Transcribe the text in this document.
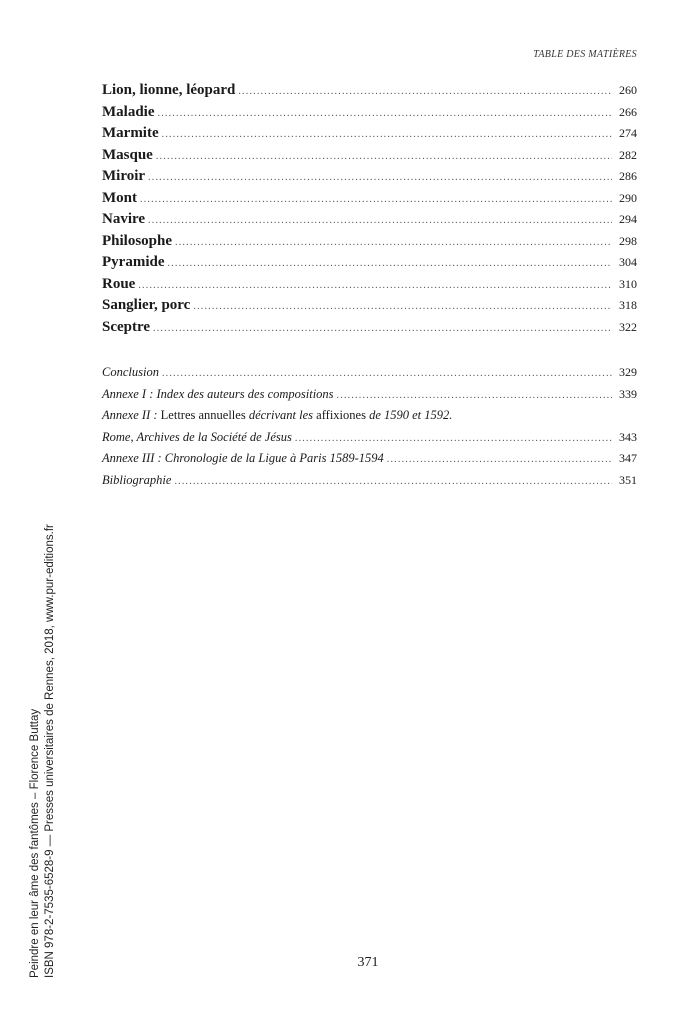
TABLE DES MATIÈRES
Lion, lionne, léopard .....	260
Maladie .....	266
Marmite .....	274
Masque .....	282
Miroir .....	286
Mont .....	290
Navire .....	294
Philosophe .....	298
Pyramide .....	304
Roue .....	310
Sanglier, porc .....	318
Sceptre .....	322
Conclusion .....	329
Annexe I : Index des auteurs des compositions .....	339
Annexe II : Lettres annuelles décrivant les affixiones de 1590 et 1592.
Rome, Archives de la Société de Jésus .....	343
Annexe III : Chronologie de la Ligue à Paris 1589-1594 .....	347
Bibliographie .....	351
Peindre en leur âme des fantômes – Florence Buttay ISBN 978-2-7535-6528-9 — Presses universitaires de Rennes, 2018, www.pur-editions.fr	371
